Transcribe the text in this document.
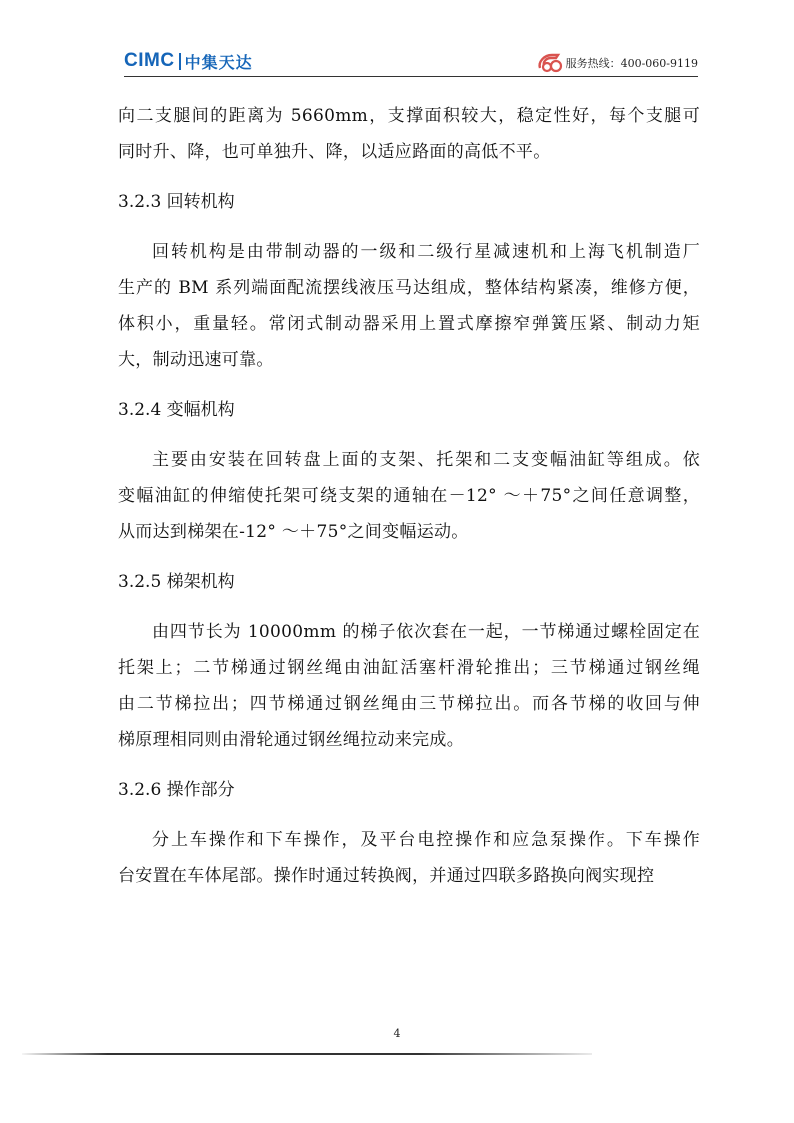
CIMC 中集天达	服务热线：400-060-9119
向二支腿间的距离为 5660mm，支撑面积较大，稳定性好，每个支腿可
同时升、降，也可单独升、降，以适应路面的高低不平。
3.2.3 回转机构
回转机构是由带制动器的一级和二级行星减速机和上海飞机制造厂
生产的 BM 系列端面配流摆线液压马达组成，整体结构紧凑，维修方便，
体积小，重量轻。常闭式制动器采用上置式摩擦窄弹簧压紧、制动力矩
大，制动迅速可靠。
3.2.4 变幅机构
主要由安装在回转盘上面的支架、托架和二支变幅油缸等组成。依
变幅油缸的伸缩使托架可绕支架的通轴在－12° ～＋75°之间任意调整，
从而达到梯架在-12° ～＋75°之间变幅运动。
3.2.5 梯架机构
由四节长为 10000mm 的梯子依次套在一起，一节梯通过螺栓固定在
托架上；二节梯通过钢丝绳由油缸活塞杆滑轮推出；三节梯通过钢丝绳
由二节梯拉出；四节梯通过钢丝绳由三节梯拉出。而各节梯的收回与伸
梯原理相同则由滑轮通过钢丝绳拉动来完成。
3.2.6 操作部分
分上车操作和下车操作，及平台电控操作和应急泵操作。下车操作
台安置在车体尾部。操作时通过转换阀，并通过四联多路换向阀实现控
4
